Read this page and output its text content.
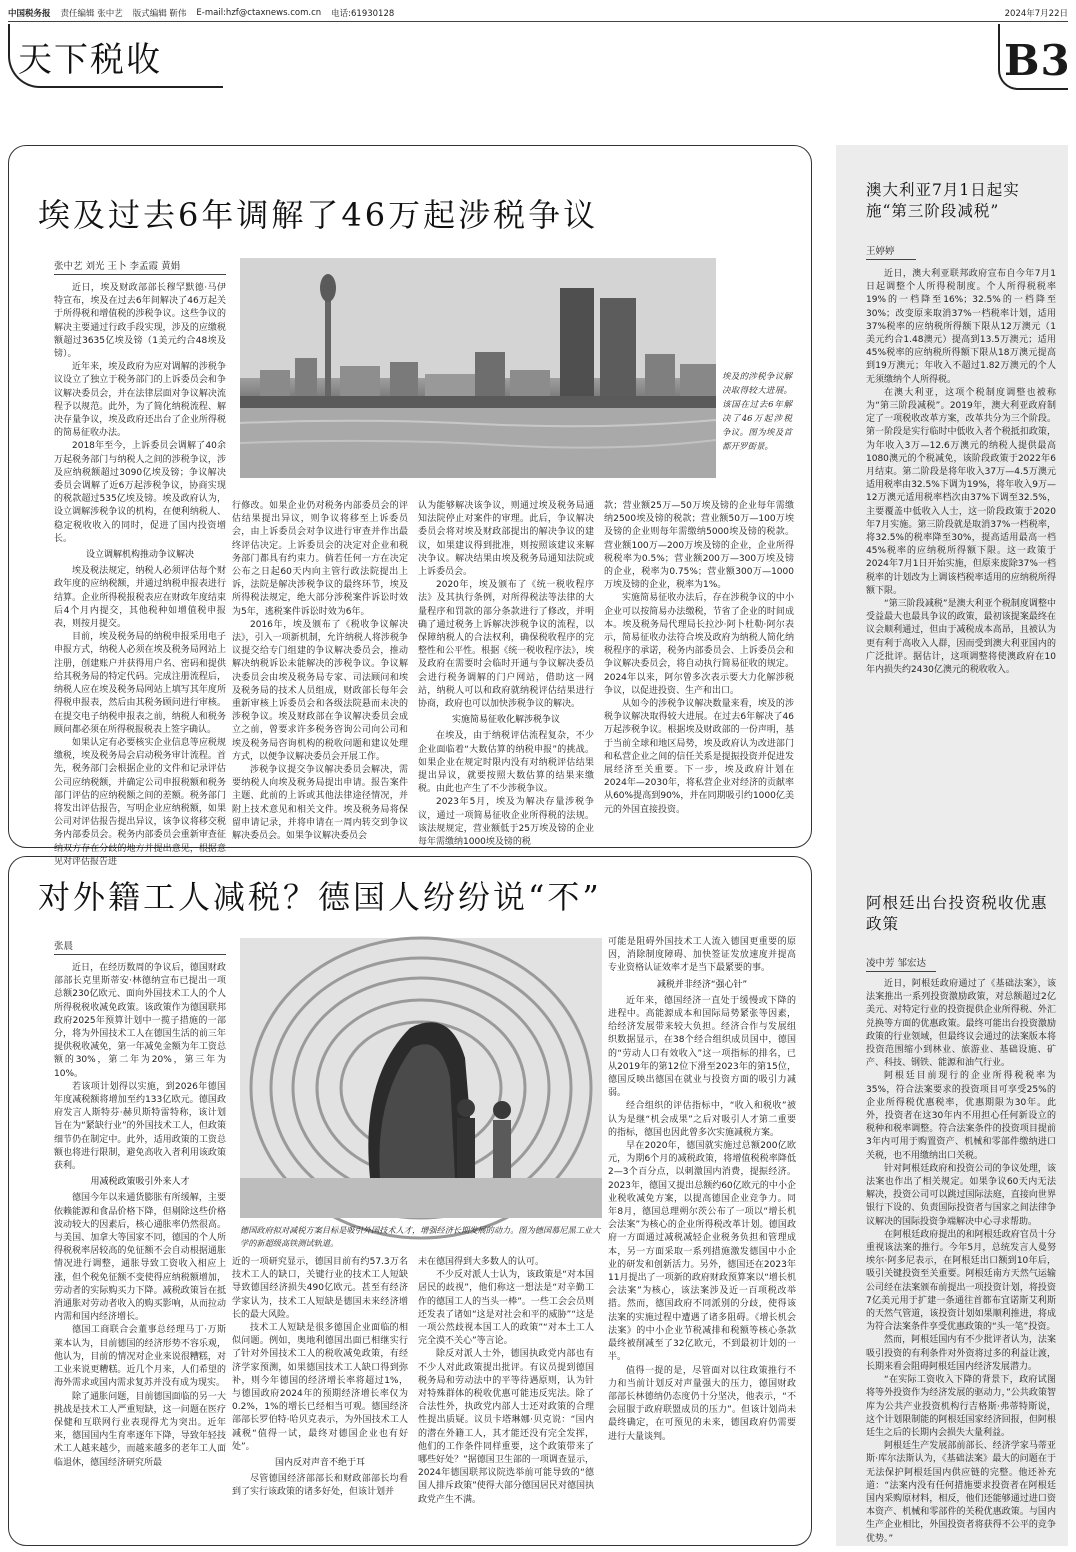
中国税务报 责任编辑 张中艺 版式编辑 靳伟 E-mail:hzf@ctaxnews.com.cn 电话:61930128	2024年7月22日
天下税收	B3
埃及过去6年调解了46万起涉税争议
张中艺 刘光 王卜 李孟霞 黄娟
埃及的涉税争议解决取得较大进展。该国在过去6年解决了46万起涉税争议。图为埃及首都开罗街景。

近日，埃及财政部部长穆罕默德·马伊特宣布，埃及在过去6年间解决了46万起关于所得税和增值税的涉税争议。这些争议的解决主要通过行政手段实现，涉及的应缴税额超过3635亿埃及镑（1美元约合48埃及镑）。

近年来，埃及政府为应对调解的涉税争议设立了独立于税务部门的上诉委员会和争议解决委员会，并在法律层面对争议解决流程予以规范。此外，为了简化纳税流程、解决存量争议，埃及政府还出台了企业所得税的简易征收办法。

2018年至今，上诉委员会调解了40余万起税务部门与纳税人之间的涉税争议，涉及应纳税额超过3090亿埃及镑；争议解决委员会调解了近6万起涉税争议，协商实现的税款超过535亿埃及镑。埃及政府认为，设立调解涉税争议的机构，在便利纳税人、稳定税收收入的同时，促进了国内投资增长。

设立调解机构推动争议解决

埃及税法规定，纳税人必须评估每个财政年度的应纳税额，并通过纳税申报表进行结算。企业所得税报税表应在财政年度结束后4个月内提交，其他税种如增值税申报表，则按月提交。

目前，埃及税务局的纳税申报采用电子申报方式，纳税人必须在埃及税务局网站上注册，创建账户并获得用户名、密码和提供给其税务局的特定代码。完成注册流程后，纳税人应在埃及税务局网站上填写其年度所得税申报表，然后由其税务顾问进行审核。在提交电子纳税申报表之前，纳税人和税务顾问都必须在所得税报税表上签字确认。

如果认定有必要核实企业信息等应税规缴税，埃及税务局会启动税务审计流程。首先，税务部门会根据企业的文件和记录评估公司应纳税额，并确定公司申报税额和税务部门评估的应纳税额之间的差额。税务部门将发出评估报告，写明企业应纳税额，如果公司对评估报告提出异议，该争议将移交税务内部委员会。税务内部委员会重新审查征纳双方存在分歧的地方并提出意见，根据意见对评估报告进

行修改。如果企业仍对税务内部委员会的评估结果提出异议，则争议将移至上诉委员会，由上诉委员会对争议进行审查并作出最终评估决定。上诉委员会的决定对企业和税务部门都具有约束力。倘若任何一方在决定公布之日起60天内向主管行政法院提出上诉，法院是解决涉税争议的最终环节，埃及所得税法规定，绝大部分涉税案件诉讼时效为5年，逃税案件诉讼时效为6年。

2016年，埃及颁布了《税收争议解决法》，引入一项新机制，允许纳税人将涉税争议提交给专门组建的争议解决委员会，推动解决纳税诉讼未能解决的涉税争议。争议解决委员会由埃及税务局专家、司法顾问和埃及税务局的技术人员组成，财政部长每年会重新审核上诉委员会和各级法院悬而未决的涉税争议。埃及财政部在争议解决委员会成立之前，曾要求许多税务咨询公司向公司和埃及税务局咨询机构的税收问题和建议处理方式，以便争议解决委员会开展工作。

涉税争议提交争议解决委员会解决，需要纳税人向埃及税务局提出申请。报告案件主题、此前的上诉或其他法律途径情况，并附上技术意见和相关文件。埃及税务局将保留申请记录，并将申请在一周内转交到争议解决委员会。如果争议解决委员会

认为能够解决该争议，则通过埃及税务局通知法院停止对案件的审理。此后，争议解决委员会将对埃及财政部提出的解决争议的建议，如果建议得到批准，则按照该建议来解决争议。解决结果由埃及税务局通知法院或上诉委员会。

2020年，埃及颁布了《统一税收程序法》及其执行条例，对所得税法等法律的大量程序和罚款的部分条款进行了修改，并明确了通过税务上诉解决涉税争议的流程，以保障纳税人的合法权利，确保税收程序的完整性和公平性。根据《统一税收程序法》，埃及政府在需要时会临时开通与争议解决委员会进行税务调解的门户网站，借助这一网站，纳税人可以和政府就纳税评估结果进行协商，政府也可以加快涉税争议的解决。

实施简易征收化解涉税争议

在埃及，由于纳税评估流程复杂，不少企业面临着“大数估算的纳税申报”的挑战。如果企业在规定时限内没有对纳税评估结果提出异议，就要按照大数估算的结果来缴税。由此也产生了不少涉税争议。

2023年5月，埃及为解决存量涉税争议，通过一项简易征收企业所得税的法规。该法规规定，营业额低于25万埃及镑的企业每年需缴纳1000埃及镑的税

款；营业额25万—50万埃及镑的企业每年需缴纳2500埃及镑的税款；营业额50万—100万埃及镑的企业则每年需缴纳5000埃及镑的税款。营业额100万—200万埃及镑的企业，企业所得税税率为0.5%；营业额200万—300万埃及镑的企业，税率为0.75%；营业额300万—1000万埃及镑的企业，税率为1%。

实施简易征收办法后，存在涉税争议的中小企业可以按简易办法缴税，节省了企业的时间成本。埃及税务局代理局长拉沙·阿卜杜勒·阿尔表示，简易征收办法符合埃及政府为纳税人简化纳税程序的承诺，税务内部委员会、上诉委员会和争议解决委员会，将自动执行简易征收的规定。2024年以来，阿尔曾多次表示要大力化解涉税争议，以促进投资、生产和出口。

从如今的涉税争议解决数量来看，埃及的涉税争议解决取得较大进展。在过去6年解决了46万起涉税争议。根据埃及财政部的一份声明，基于当前全球和地区局势，埃及政府认为改进部门和私营企业之间的信任关系是提振投资并促进发展经济至关重要。下一步，埃及政府计划在2024年—2030年，将私营企业对经济的贡献率从60%提高到90%，并在同期吸引约1000亿美元的外国直接投资。

对外籍工人减税？德国人纷纷说“不”
张晨
德国政府拟对减税方案目标是吸引外国技术人才，增强经济长期发展的动力。图为德国慕尼黑工业大学的新超级高铁测试轨道。

近日，在经历数周的争议后，德国财政部部长克里斯蒂安·林德纳宣布已提出一项总额230亿欧元、面向外国技术工人的个人所得税税收减免政策。该政策作为德国联邦政府2025年预算计划中一揽子措施的一部分，将为外国技术工人在德国生活的前三年提供税收减免，第一年减免金额为年工资总额的30%，第二年为20%，第三年为10%。

若该项计划得以实施，到2026年德国年度减税额将增加至约133亿欧元。德国政府发言人斯特芬·赫贝斯特雷特称，该计划旨在为“紧缺行业”的外国技术工人，但政策细节仍在制定中。此外，适用政策的工资总额也将进行限制，避免高收入者利用该政策获利。

用减税政策吸引外来人才

德国今年以来通货膨胀有所缓解，主要依赖能源和食品价格下降，但剔除这些价格波动较大的因素后，核心通胀率仍然很高。与美国、加拿大等国家不同，德国的个人所得税税率居较高的免征额不会自动根据通胀情况进行调整，通胀导致工资收入相应上涨，但个税免征额不变使得应纳税额增加，劳动者的实际购买力下降。减税政策旨在抵消通胀对劳动者收入的购买影响，从而拉动内需和国内经济增长。

德国工商联合会董事总经理马丁·万斯莱本认为，目前德国的经济形势不容乐观，他认为，目前的情况对企业来说很糟糕，对工业来说更糟糕。近几个月来，人们希望的海外需求或国内需求复苏并没有成为现实。

除了通胀问题，目前德国面临的另一大挑战是技术工人严重短缺，这一问题在医疗保健和互联网行业表现得尤为突出。近年来，德国国内生育率逐年下降，导致年轻技术工人越来越少，而越来越多的老年工人面临退休，德国经济研究所最

近的一项研究显示，德国目前有约57.3万名技术工人的缺口，关键行业的技术工人短缺导致德国经济损失490亿欧元。甚至有经济学家认为，技术工人短缺是德国未来经济增长的最大风险。

技术工人短缺是很多德国企业面临的相似问题。例如，奥地利德国出面已相继实行了针对外国技术工人的税收减免政策，有经济学家预测，如果德国技术工人缺口得到弥补，则今年德国的经济增长率将超过1%，与德国政府2024年的预期经济增长率仅为0.2%，1%的增长已经相当可观。德国经济部部长罗伯特·哈贝克表示，为外国技术工人减税“值得一试，最终对德国企业也有好处”。

国内反对声音不绝于耳

尽管德国经济部部长和财政部部长均看到了实行该政策的诸多好处，但该计划并

未在德国得到大多数人的认可。

不少反对派人士认为，该政策是“对本国居民的歧视”，他们称这一想法是“对辛勤工作的德国工人的当头一棒”。一些工会会员则还发表了诸如“这是对社会和平的威胁”“这是一项公然歧视本国工人的政策”“对本土工人完全漠不关心”等言论。

除反对派人士外，德国执政党内部也有不少人对此政策提出批评。有议员提到德国税务局和劳动法中的平等待遇原则，认为针对特殊群体的税收优惠可能违反宪法。除了合法性外，执政党内部人士还对政策的合理性提出质疑。议员卡塔琳娜·贝克说：“国内的潜在外籍工人，其才能还没有完全发挥，他们的工作条件同样重要，这个政策带来了哪些好处？”据德国卫生部的一项调查显示，2024年德国联邦议院选举前可能导致的“德国人排斥政策”使得大部分德国居民对德国执政党产生不满。

可能是阻碍外国技术工人流入德国更重要的原因，消除制度障碍、加快签证发放速度并提高专业资格认证效率才是当下最紧要的事。

减税并非经济“强心针”

近年来，德国经济一直处于缓慢或下降的进程中。高能源成本和国际局势紧张等因素，给经济发展带来较大负担。经济合作与发展组织数据显示，在38个经合组织成员国中，德国的“劳动人口有效收入”这一项指标的排名，已从2019年的第12位下滑至2023年的第15位，德国反映出德国在就业与投资方面的吸引力减弱。

经合组织的评估指标中，“收入和税收”被认为是继“机会成果”之后对吸引人才第二重要的指标，德国也因此曾多次实施减税方案。

早在2020年，德国就实施过总额200亿欧元，为期6个月的减税政策，将增值税税率降低2—3个百分点，以刺激国内消费，提振经济。2023年，德国又提出总额约60亿欧元的中小企业税收减免方案，以提高德国企业竞争力。同年8月，德国总理朔尔茨公布了一项以“增长机会法案”为核心的企业所得税改革计划。德国政府一方面通过减税减轻企业税务负担和管理成本，另一方面采取一系列措施激发德国中小企业的研发和创新活力。另外，德国还在2023年11月提出了一项新的政府财政预算案以“增长机会法案”为核心，该法案涉及近一百项税改举措。然而，德国政府不同派别的分歧，使得该法案的实施过程中遭遇了诸多阻碍。《增长机会法案》的中小企业节税减排和税额等核心条款最终被削减至了32亿欧元，不到最初计划的一半。

值得一提的是，尽管面对以往政策推行不力和当前计划反对声量强大的压力，德国财政部部长林德纳仍态度仍十分坚决，他表示，“不会屈服于政府联盟成员的压力”。但该计划尚未最终确定，在可预见的未来，德国政府仍需要进行大量谈判。

澳大利亚7月1日起实施“第三阶段减税”
王婷婷

近日，澳大利亚联邦政府宣布自今年7月1日起调整个人所得税制度。个人所得税税率19%的一档降至16%；32.5%的一档降至30%；改变原来取消37%一档税率计划，适用37%税率的应纳税所得额下限从12万澳元（1美元约合1.48澳元）提高到13.5万澳元；适用45%税率的应纳税所得额下限从18万澳元提高到19万澳元；年收入不超过1.82万澳元的个人无须缴纳个人所得税。

在澳大利亚，这项个税制度调整也被称为“第三阶段减税”。2019年，澳大利亚政府制定了一项税收改革方案，改革共分为三个阶段。第一阶段是实行临时中低收入者个税抵扣政策，为年收入3万—12.6万澳元的纳税人提供最高1080澳元的个税减免，该阶段政策于2022年6月结束。第二阶段是将年收入37万—4.5万澳元适用税率由32.5%下调为19%，将年收入9万—12万澳元适用税率档次由37%下调至32.5%，主要覆盖中低收入人士，这一阶段政策于2020年7月实施。第三阶段就是取消37%一档税率，将32.5%的税率降至30%，提高适用最高一档45%税率的应纳税所得额下限。这一政策于2024年7月1日开始实施，但原来废除37%一档税率的计划改为上调该档税率适用的应纳税所得额下限。

“第三阶段减税”是澳大利亚个税制度调整中受益最大也最具争议的政策，最初该提案最终在议会顺利通过，但由于减税成本高昂，且被认为更有利于高收入人群，因而受到澳大利亚国内的广泛批评。据估计，这项调整将使澳政府在10年内损失约2430亿澳元的税收收入。

阿根廷出台投资税收优惠政策
凌中芳 邹宏达

近日，阿根廷政府通过了《基础法案》，该法案推出一系列投资激励政策，对总额超过2亿美元、对特定行业的投资提供企业所得税、外汇兑换等方面的优惠政策。最终可能出台投资激励政策的行业领域，但最终议会通过的法案版本将投资范围缩小到林业、旅游业、基础设施、矿产、科技、钢铁、能源和油气行业。

阿根廷目前现行的企业所得税税率为35%，符合法案要求的投资项目可享受25%的企业所得税优惠税率，优惠期限为30年。此外，投资者在这30年内不用担心任何新设立的税种和税率调整。符合法案条件的投资项目提前3年内可用于购置资产、机械和零部件缴纳进口关税，也不用缴纳出口关税。

针对阿根廷政府和投资公司的争议处理，该法案也作出了相关规定。如果争议60天内无法解决，投资公司可以跳过国际法庭，直接向世界银行下设的、负责国际投资者与国家之间法律争议解决的国际投资争端解决中心寻求帮助。

在阿根廷政府提出的和阿根廷政府官员十分重视该法案的推行。今年5月，总统发言人曼努埃尔·阿多尼表示，在阿根廷出口额到10年后，吸引关键投资至关重要。阿根廷南方天然气运输公司经在法案颁布前提出一项投资计划，将投资7亿美元用于扩建一条通往首都布宜诺斯艾利斯的天然气管道，该投资计划如果顺利推进，将成为符合法案条件享受优惠政策的“头一笔”投资。

然而，阿根廷国内有不少批评者认为，法案吸引投资的有利条件对外资将过多的利益让渡，长期来看会阻碍阿根廷国内经济发展潜力。

“在实际工资收入下降的背景下，政府试图将等外投资作为经济发展的驱动力，”公共政策智库为公共产业投资机构行吉格斯·弗蒂特斯说，这个计划限制能的阿根廷国家经济回报，但阿根廷生之后的长期内会损失大量利益。

阿根廷生产发展部前部长、经济学家马蒂亚斯·库尔法斯认为，《基础法案》最大的问题在于无法保护阿根廷国内供应链的完整。他还补充道：“法案内没有任何措施要求投资者在阿根廷国内采购原材料，相反，他们还能够通过进口资本资产、机械和零部件的关税优惠政策。与国内生产企业相比，外国投资者将获得不公平的竞争优势。”
